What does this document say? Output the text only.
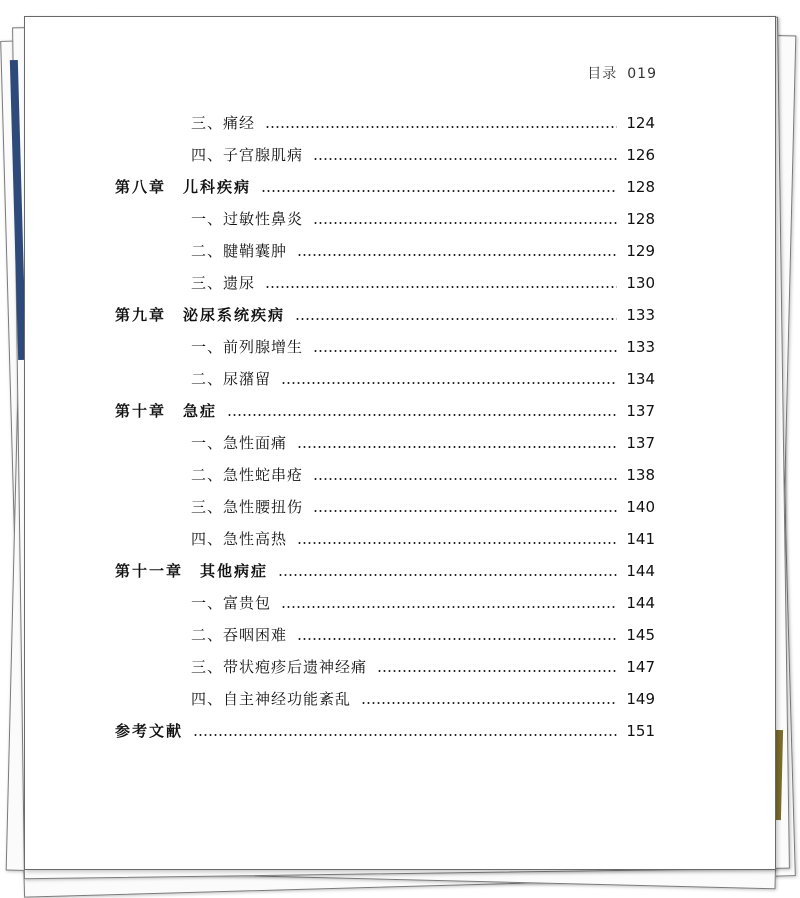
目录 019
三、痛经	124
四、子宫腺肌病	126
第八章　儿科疾病	128
一、过敏性鼻炎	128
二、腱鞘囊肿	129
三、遗尿	130
第九章　泌尿系统疾病	133
一、前列腺增生	133
二、尿潴留	134
第十章　急症	137
一、急性面痛	137
二、急性蛇串疮	138
三、急性腰扭伤	140
四、急性高热	141
第十一章　其他病症	144
一、富贵包	144
二、吞咽困难	145
三、带状疱疹后遗神经痛	147
四、自主神经功能紊乱	149
参考文献	151
